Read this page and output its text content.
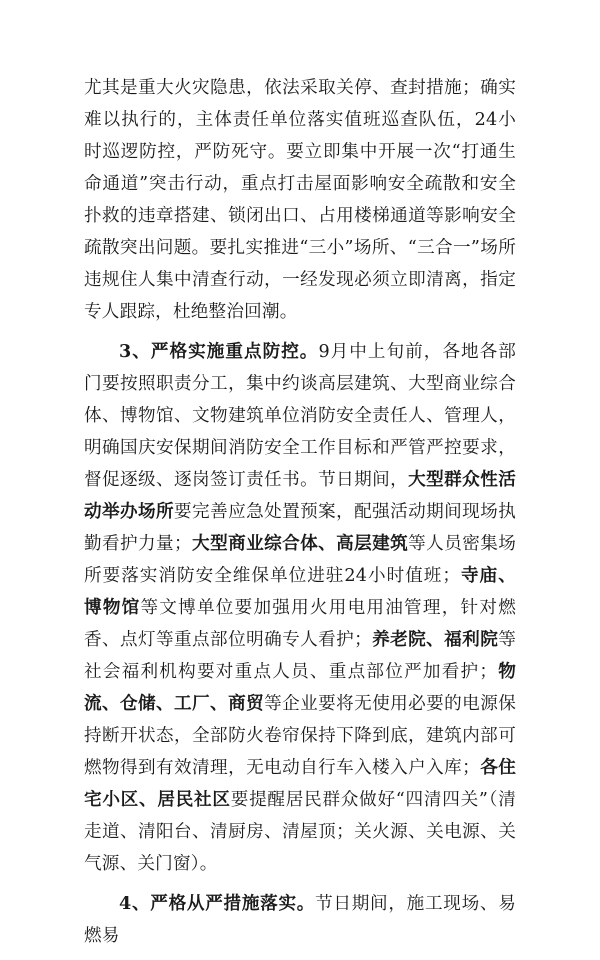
尤其是重大火灾隐患，依法采取关停、查封措施；确实难以执行的，主体责任单位落实值班巡查队伍，24小时巡逻防控，严防死守。要立即集中开展一次“打通生命通道”突击行动，重点打击屋面影响安全疏散和安全扑救的违章搭建、锁闭出口、占用楼梯通道等影响安全疏散突出问题。要扎实推进“三小”场所、“三合一”场所违规住人集中清查行动，一经发现必须立即清离，指定专人跟踪，杜绝整治回潮。

3、严格实施重点防控。9月中上旬前，各地各部门要按照职责分工，集中约谈高层建筑、大型商业综合体、博物馆、文物建筑单位消防安全责任人、管理人，明确国庆安保期间消防安全工作目标和严管严控要求，督促逐级、逐岗签订责任书。节日期间，大型群众性活动举办场所要完善应急处置预案，配强活动期间现场执勤看护力量；大型商业综合体、高层建筑等人员密集场所要落实消防安全维保单位进驻24小时值班；寺庙、博物馆等文博单位要加强用火用电用油管理，针对燃香、点灯等重点部位明确专人看护；养老院、福利院等社会福利机构要对重点人员、重点部位严加看护；物流、仓储、工厂、商贸等企业要将无使用必要的电源保持断开状态，全部防火卷帘保持下降到底，建筑内部可燃物得到有效清理，无电动自行车入楼入户入库；各住宅小区、居民社区要提醒居民群众做好“四清四关”（清走道、清阳台、清厨房、清屋顶；关火源、关电源、关气源、关门窗）。

4、严格从严措施落实。节日期间，施工现场、易燃易
